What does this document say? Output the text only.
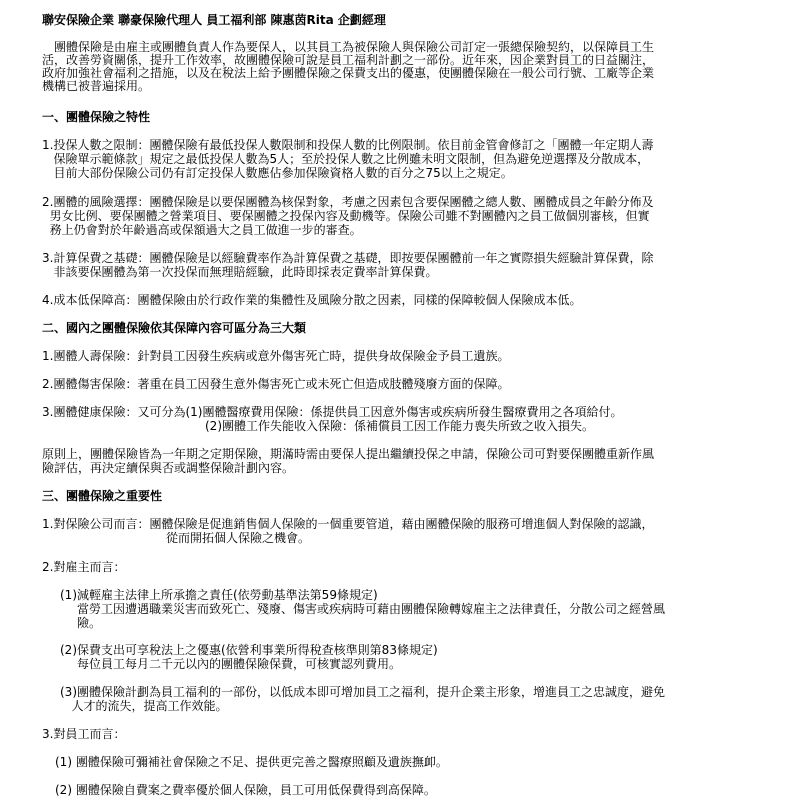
聯安保險企業 聯豪保險代理人 員工福利部 陳惠茵Rita 企劃經理
　團體保險是由雇主或團體負責人作為要保人，以其員工為被保險人與保險公司訂定一張總保險契約，以保障員工生
活，改善勞資關係，提升工作效率，故團體保險可說是員工福利計劃之一部份。近年來，因企業對員工的日益關注，
政府加強社會福利之措施，以及在稅法上給予團體保險之保費支出的優惠，使團體保險在一般公司行號、工廠等企業
機構已被普遍採用。
一、團體保險之特性
1.投保人數之限制：團體保險有最低投保人數限制和投保人數的比例限制。依目前金管會修訂之「團體一年定期人壽
保險單示範條款」規定之最低投保人數為5人；至於投保人數之比例雖未明文限制，但為避免逆選擇及分散成本，
目前大部份保險公司仍有訂定投保人數應佔參加保險資格人數的百分之75以上之規定。
2.團體的風險選擇：團體保險是以要保團體為核保對象，考慮之因素包含要保團體之總人數、團體成員之年齡分佈及
男女比例、要保團體之營業項目、要保團體之投保內容及動機等。保險公司雖不對團體內之員工做個別審核，但實
務上仍會對於年齡過高或保額過大之員工做進一步的審查。
3.計算保費之基礎：團體保險是以經驗費率作為計算保費之基礎，即按要保團體前一年之實際損失經驗計算保費，除
非該要保團體為第一次投保而無理賠經驗，此時即採表定費率計算保費。
4.成本低保障高：團體保險由於行政作業的集體性及風險分散之因素，同樣的保障較個人保險成本低。
二、國內之團體保險依其保障內容可區分為三大類
1.團體人壽保險：針對員工因發生疾病或意外傷害死亡時，提供身故保險金予員工遺族。
2.團體傷害保險：著重在員工因發生意外傷害死亡或未死亡但造成肢體殘廢方面的保障。
3.團體健康保險：又可分為(1)團體醫療費用保險：係提供員工因意外傷害或疾病所發生醫療費用之各項給付。
(2)團體工作失能收入保險：係補償員工因工作能力喪失所致之收入損失。
原則上，團體保險皆為一年期之定期保險，期滿時需由要保人提出繼續投保之申請，保險公司可對要保團體重新作風
險評估，再決定續保與否或調整保險計劃內容。
三、團體保險之重要性
1.對保險公司而言：團體保險是促進銷售個人保險的一個重要管道，藉由團體保險的服務可增進個人對保險的認識，
從而開拓個人保險之機會。
2.對雇主而言：
(1)減輕雇主法律上所承擔之責任(依勞動基準法第59條規定)
當勞工因遭遇職業災害而致死亡、殘廢、傷害或疾病時可藉由團體保險轉嫁雇主之法律責任，分散公司之經營風
險。
(2)保費支出可享稅法上之優惠(依營利事業所得稅查核準則第83條規定)
每位員工每月二千元以內的團體保險保費，可核實認列費用。
(3)團體保險計劃為員工福利的一部份，以低成本即可增加員工之福利，提升企業主形象，增進員工之忠誠度，避免
人才的流失，提高工作效能。
3.對員工而言：
(1) 團體保險可彌補社會保險之不足、提供更完善之醫療照顧及遺族撫卹。
(2) 團體保險自費案之費率優於個人保險，員工可用低保費得到高保障。
